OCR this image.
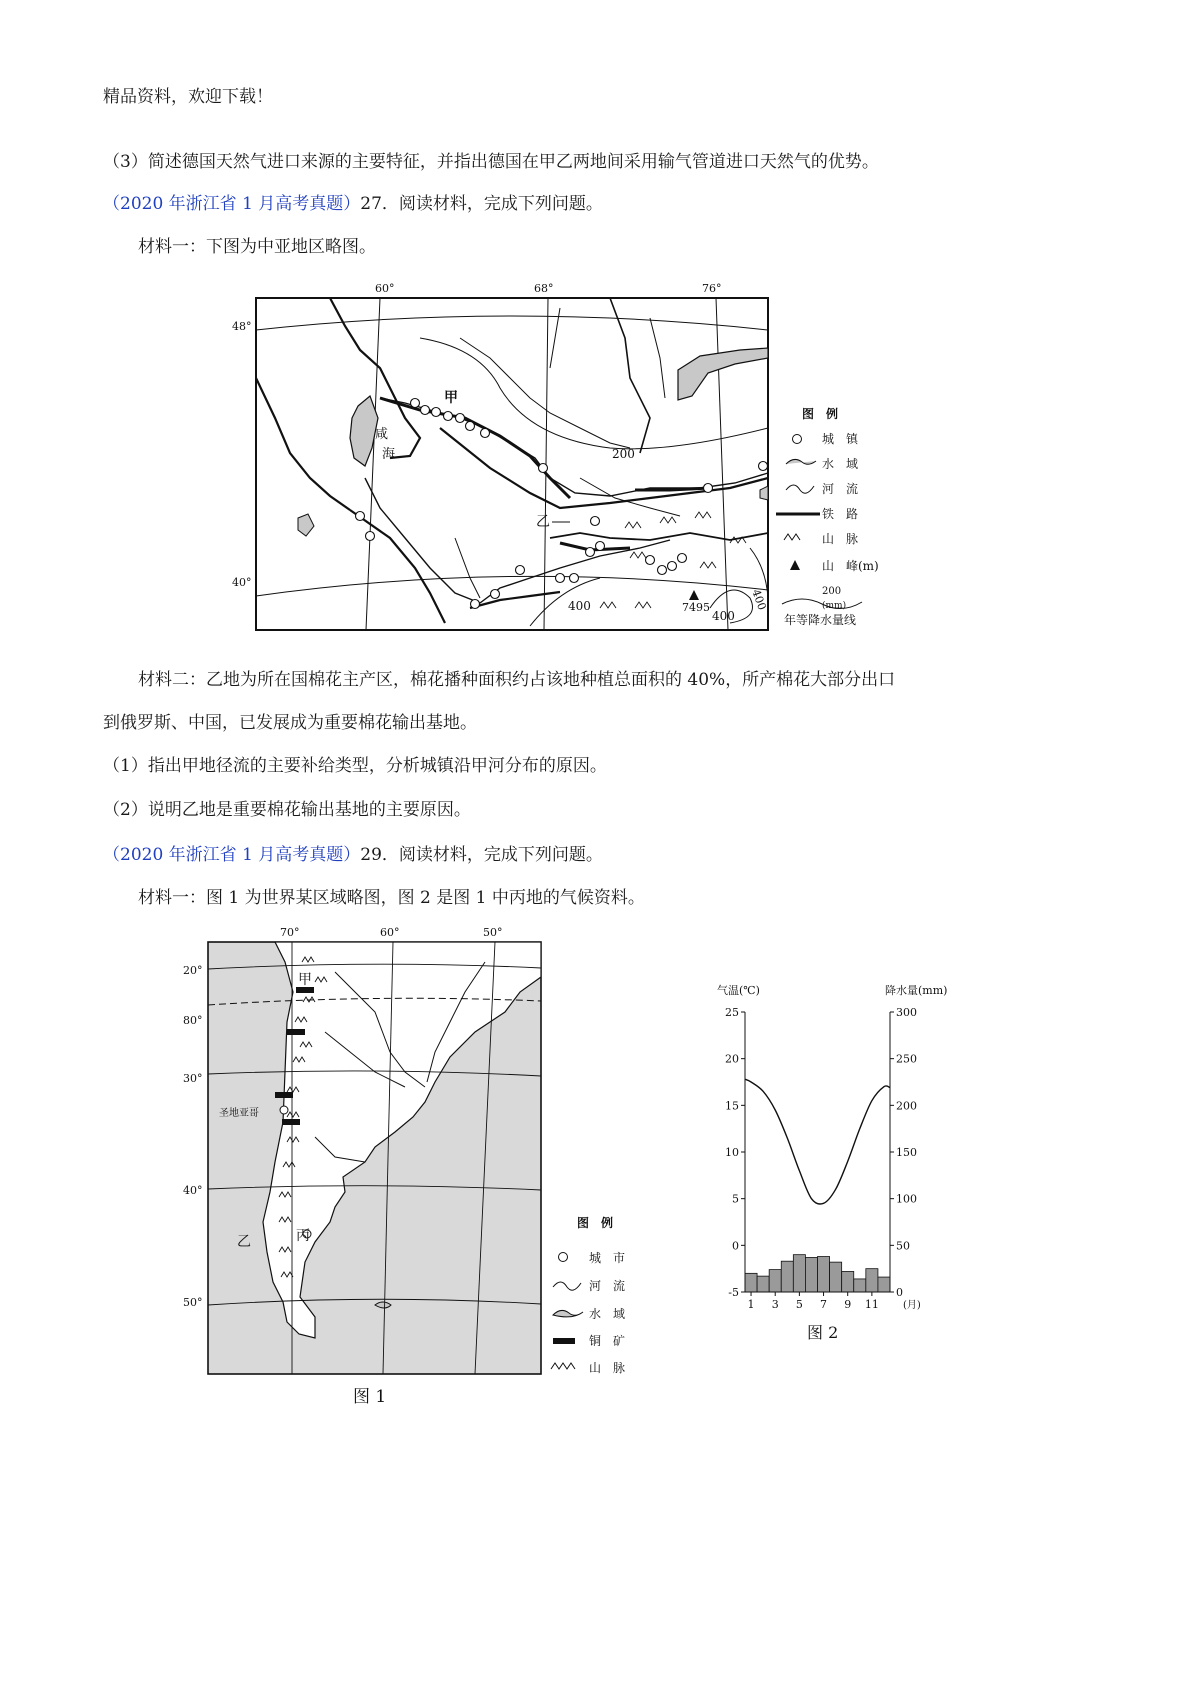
精品资料，欢迎下载！
（3）简述德国天然气进口来源的主要特征，并指出德国在甲乙两地间采用输气管道进口天然气的优势。
（2020 年浙江省 1 月高考真题）27．阅读材料，完成下列问题。
材料一：下图为中亚地区略图。
60°	68°	76°
48°
40°
咸
海	200
400
400
400
7495
甲
乙
图　例
城　镇
水　域
河　流
铁　路
山　脉
山　峰(m)
200
(mm)
年等降水量线
材料二：乙地为所在国棉花主产区，棉花播种面积约占该地种植总面积的 40%，所产棉花大部分出口
到俄罗斯、中国，已发展成为重要棉花输出基地。
（1）指出甲地径流的主要补给类型，分析城镇沿甲河分布的原因。
（2）说明乙地是重要棉花输出基地的主要原因。
（2020 年浙江省 1 月高考真题）29．阅读材料，完成下列问题。
材料一：图 1 为世界某区域略图，图 2 是图 1 中丙地的气候资料。
70°	60°	50°
20°
80°
30°
40°
50°
甲
乙	丙
圣地亚哥
图 1
图　例
城　市
河　流
水　域
铜　矿
山　脉
气温(℃)	降水量(mm)
(月)
图 2
25
20
15
10
5
0
-5
300
250
200
150
100
50
0
1 3 5 7 9 11
